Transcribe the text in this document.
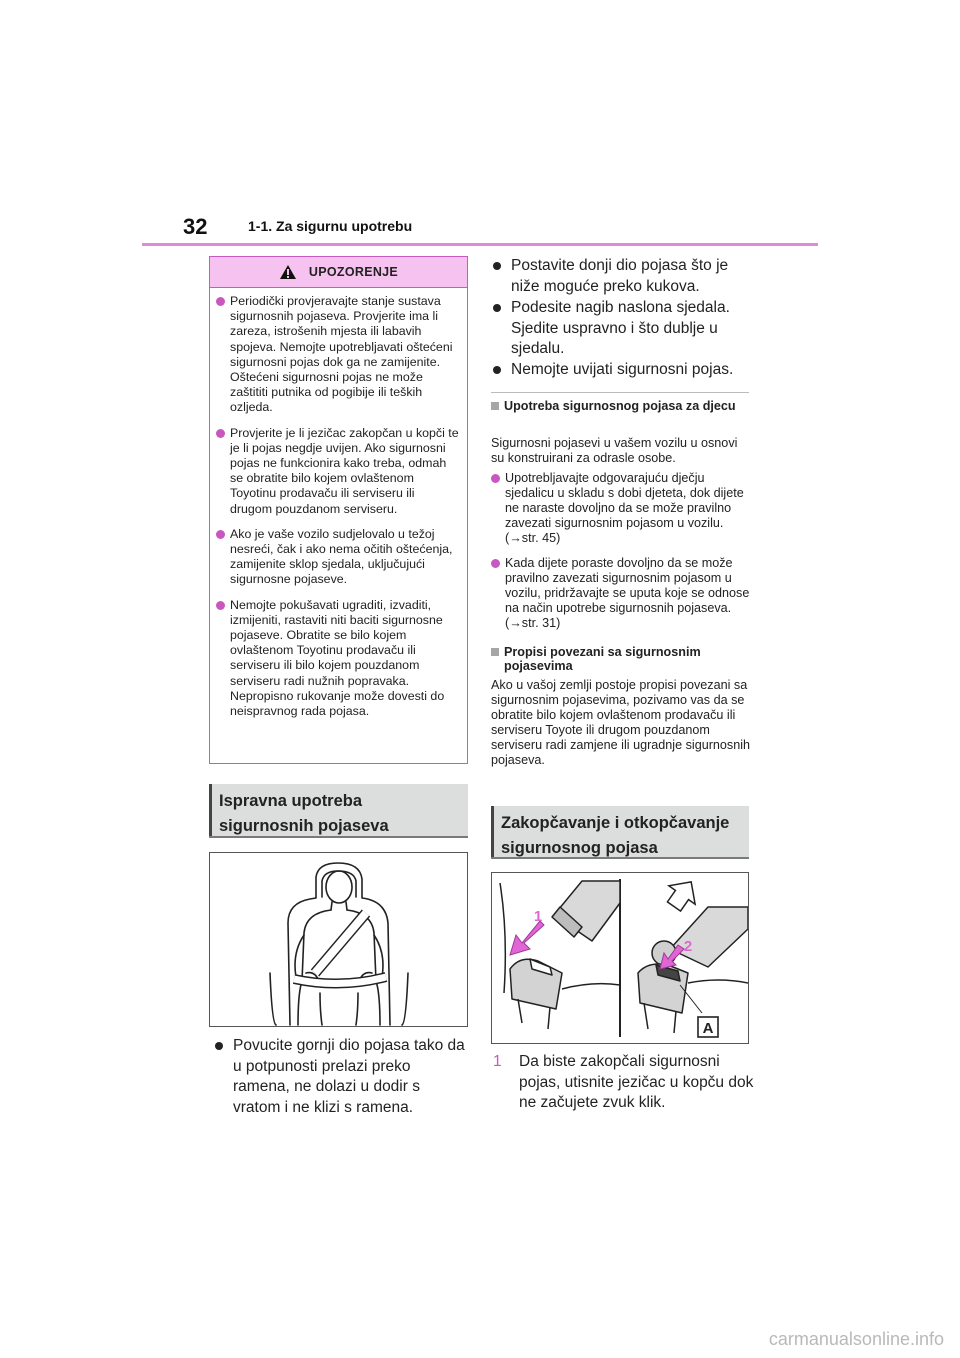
32	1-1. Za sigurnu upotrebu
UPOZORENJE
Periodički provjeravajte stanje sustava sigurnosnih pojaseva. Provjerite ima li zareza, istrošenih mjesta ili labavih spojeva. Nemojte upotrebljavati oštećeni sigurnosni pojas dok ga ne zamijenite. Oštećeni sigurnosni pojas ne može zaštititi putnika od pogibije ili teških ozljeda.
Provjerite je li jezičac zakopčan u kopči te je li pojas negdje uvijen. Ako sigurnosni pojas ne funkcionira kako treba, odmah se obratite bilo kojem ovlaštenom Toyotinu prodavaču ili serviseru ili drugom pouzdanom serviseru.
Ako je vaše vozilo sudjelovalo u težoj nesreći, čak i ako nema očitih oštećenja, zamijenite sklop sjedala, uključujući sigurnosne pojaseve.
Nemojte pokušavati ugraditi, izvaditi, izmijeniti, rastaviti niti baciti sigurnosne pojaseve. Obratite se bilo kojem ovlaštenom Toyotinu prodavaču ili serviseru ili bilo kojem pouzdanom serviseru radi nužnih popravaka. Nepropisno rukovanje može dovesti do neispravnog rada pojasa.
Ispravna upotreba sigurnosnih pojaseva
Povucite gornji dio pojasa tako da u potpunosti prelazi preko ramena, ne dolazi u dodir s vratom i ne klizi s ramena.
Postavite donji dio pojasa što je niže moguće preko kukova.
Podesite nagib naslona sjedala. Sjedite uspravno i što dublje u sjedalu.
Nemojte uvijati sigurnosni pojas.
Upotreba sigurnosnog pojasa za djecu
Sigurnosni pojasevi u vašem vozilu u osnovi su konstruirani za odrasle osobe.
Upotrebljavajte odgovarajuću dječju sjedalicu u skladu s dobi djeteta, dok dijete ne naraste dovoljno da se može pravilno zavezati sigurnosnim pojasom u vozilu. (→str. 45)
Kada dijete poraste dovoljno da se može pravilno zavezati sigurnosnim pojasom u vozilu, pridržavajte se uputa koje se odnose na način upotrebe sigurnosnih pojaseva. (→str. 31)
Propisi povezani sa sigurnosnim pojasevima
Ako u vašoj zemlji postoje propisi povezani sa sigurnosnim pojasevima, pozivamo vas da se obratite bilo kojem ovlaštenom prodavaču ili serviseru Toyote ili drugom pouzdanom serviseru radi zamjene ili ugradnje sigurnosnih pojaseva.
Zakopčavanje i otkopčavanje sigurnosnog pojasa
A
1
2
1	Da biste zakopčali sigurnosni pojas, utisnite jezičac u kopču dok ne začujete zvuk klik.
carmanualsonline.info
